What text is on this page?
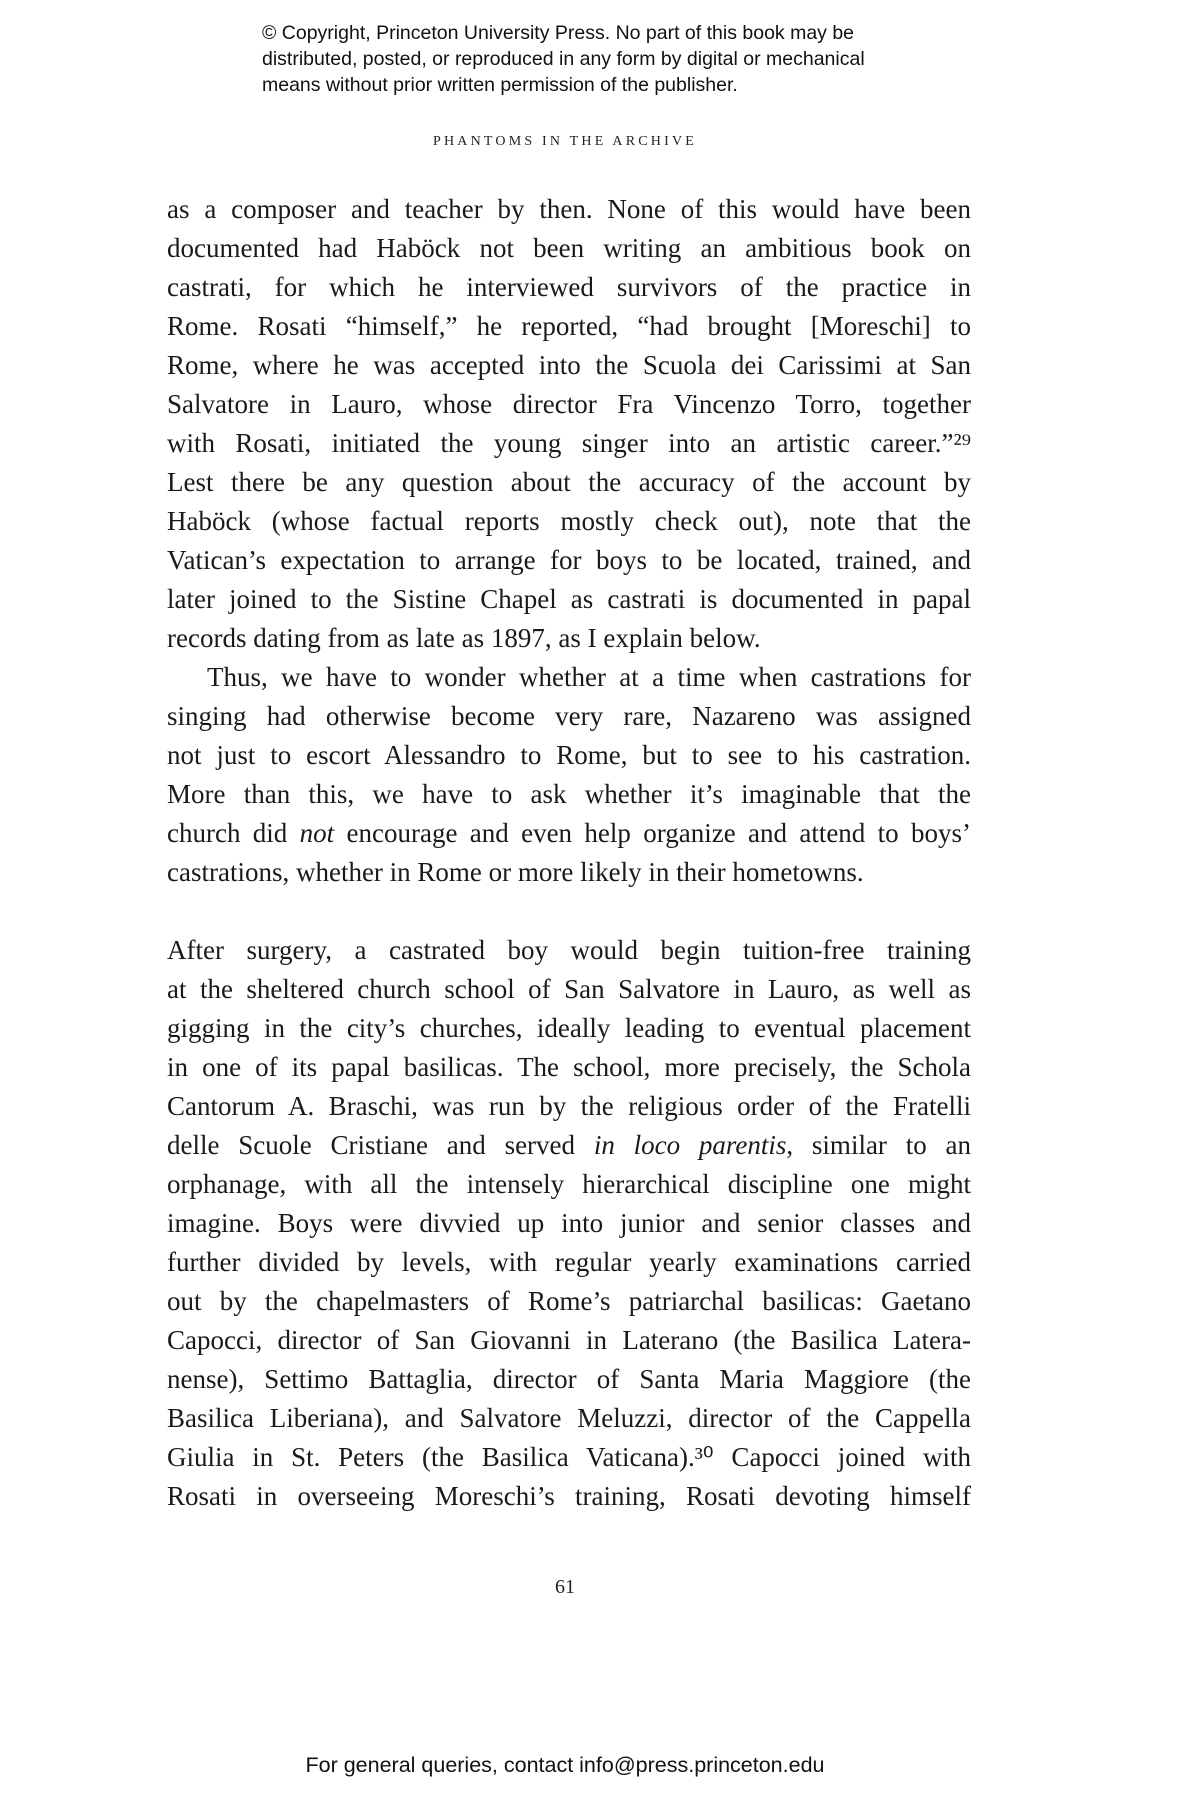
© Copyright, Princeton University Press. No part of this book may be
distributed, posted, or reproduced in any form by digital or mechanical
means without prior written permission of the publisher.
PHANTOMS IN THE ARCHIVE
as a composer and teacher by then. None of this would have been
documented had Haböck not been writing an ambitious book on
castrati, for which he interviewed survivors of the practice in
Rome. Rosati “himself,” he reported, “had brought [Moreschi] to
Rome, where he was accepted into the Scuola dei Carissimi at San
Salvatore in Lauro, whose director Fra Vincenzo Torro, together
with Rosati, initiated the young singer into an artistic career.”²⁹
Lest there be any question about the accuracy of the account by
Haböck (whose factual reports mostly check out), note that the
Vatican’s expectation to arrange for boys to be located, trained, and
later joined to the Sistine Chapel as castrati is documented in papal
records dating from as late as 1897, as I explain below.
Thus, we have to wonder whether at a time when castrations for
singing had otherwise become very rare, Nazareno was assigned
not just to escort Alessandro to Rome, but to see to his castration.
More than this, we have to ask whether it’s imaginable that the
church did not encourage and even help organize and attend to boys’
castrations, whether in Rome or more likely in their hometowns.
After surgery, a castrated boy would begin tuition-free training
at the sheltered church school of San Salvatore in Lauro, as well as
gigging in the city’s churches, ideally leading to eventual placement
in one of its papal basilicas. The school, more precisely, the Schola
Cantorum A. Braschi, was run by the religious order of the Fratelli
delle Scuole Cristiane and served in loco parentis, similar to an
orphanage, with all the intensely hierarchical discipline one might
imagine. Boys were divvied up into junior and senior classes and
further divided by levels, with regular yearly examinations carried
out by the chapelmasters of Rome’s patriarchal basilicas: Gaetano
Capocci, director of San Giovanni in Laterano (the Basilica Latera-
nense), Settimo Battaglia, director of Santa Maria Maggiore (the
Basilica Liberiana), and Salvatore Meluzzi, director of the Cappella
Giulia in St. Peters (the Basilica Vaticana).³⁰ Capocci joined with
Rosati in overseeing Moreschi’s training, Rosati devoting himself
61
For general queries, contact info@press.princeton.edu
